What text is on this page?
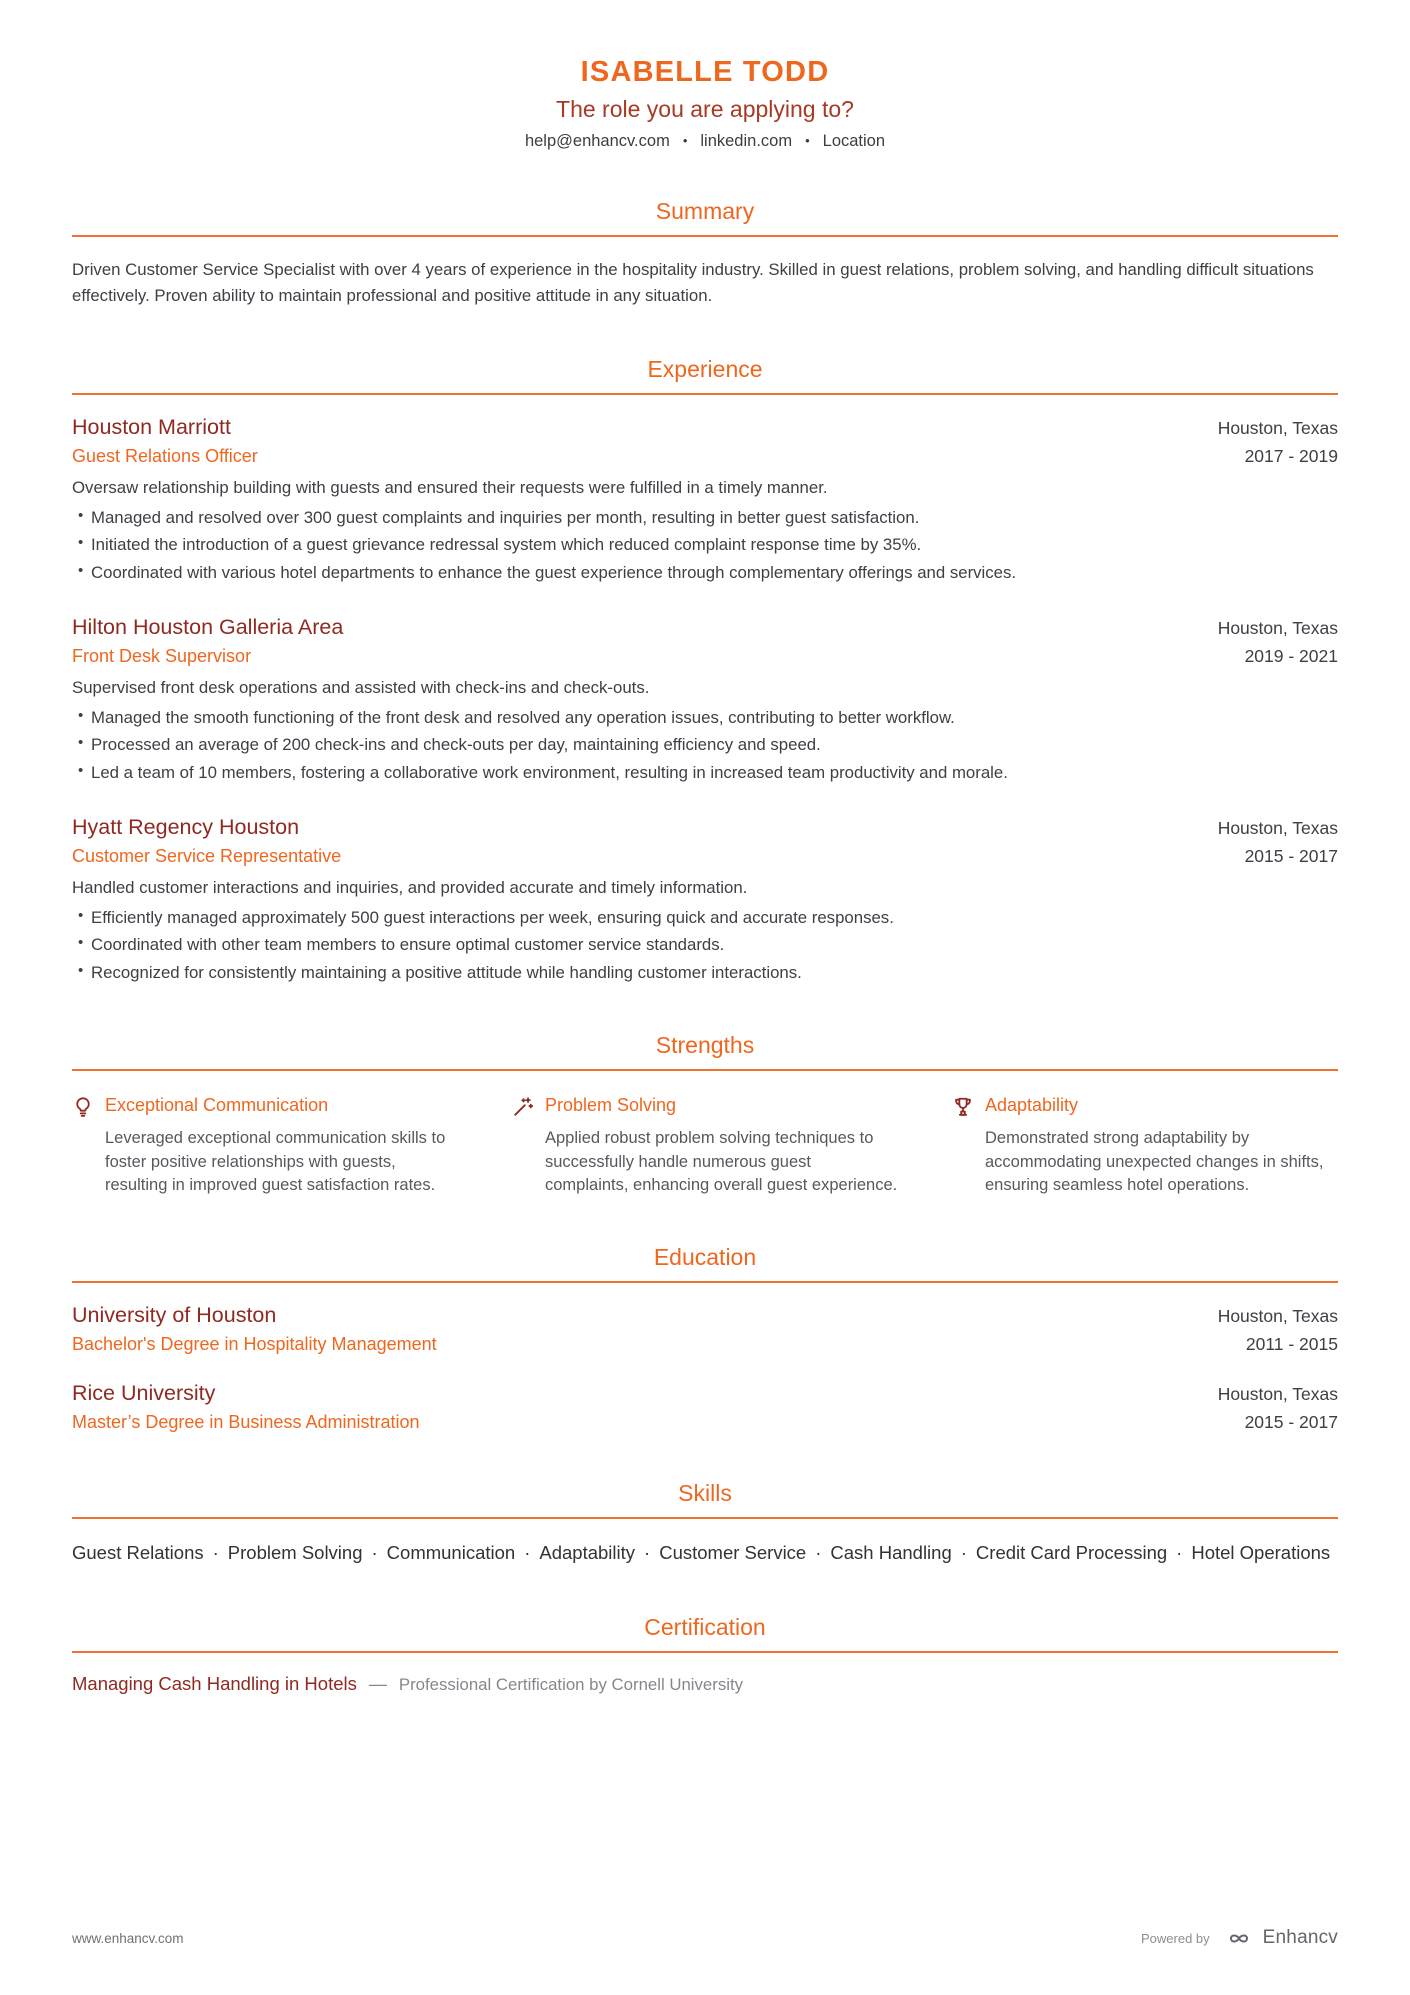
ISABELLE TODD
The role you are applying to?
help@enhancv.com • linkedin.com • Location
Summary

Driven Customer Service Specialist with over 4 years of experience in the hospitality industry. Skilled in guest relations, problem solving, and handling difficult situations effectively. Proven ability to maintain professional and positive attitude in any situation.

Experience
Houston Marriott	Houston, Texas
Guest Relations Officer	2017 - 2019

Oversaw relationship building with guests and ensured their requests were fulfilled in a timely manner.

• Managed and resolved over 300 guest complaints and inquiries per month, resulting in better guest satisfaction.
• Initiated the introduction of a guest grievance redressal system which reduced complaint response time by 35%.
• Coordinated with various hotel departments to enhance the guest experience through complementary offerings and services.
Hilton Houston Galleria Area	Houston, Texas
Front Desk Supervisor	2019 - 2021

Supervised front desk operations and assisted with check-ins and check-outs.

• Managed the smooth functioning of the front desk and resolved any operation issues, contributing to better workflow.
• Processed an average of 200 check-ins and check-outs per day, maintaining efficiency and speed.
• Led a team of 10 members, fostering a collaborative work environment, resulting in increased team productivity and morale.
Hyatt Regency Houston	Houston, Texas
Customer Service Representative	2015 - 2017

Handled customer interactions and inquiries, and provided accurate and timely information.

• Efficiently managed approximately 500 guest interactions per week, ensuring quick and accurate responses.
• Coordinated with other team members to ensure optimal customer service standards.
• Recognized for consistently maintaining a positive attitude while handling customer interactions.
Strengths
Exceptional Communication
Leveraged exceptional communication skills to foster positive relationships with guests, resulting in improved guest satisfaction rates.
Problem Solving
Applied robust problem solving techniques to successfully handle numerous guest complaints, enhancing overall guest experience.
Adaptability
Demonstrated strong adaptability by accommodating unexpected changes in shifts, ensuring seamless hotel operations.
Education
University of Houston	Houston, Texas
Bachelor's Degree in Hospitality Management	2011 - 2015
Rice University	Houston, Texas
Master’s Degree in Business Administration	2015 - 2017
Skills

Guest Relations · Problem Solving · Communication · Adaptability · Customer Service · Cash Handling · Credit Card Processing · Hotel Operations

Certification
Managing Cash Handling in Hotels — Professional Certification by Cornell University
www.enhancv.com	Powered by	Enhancv
